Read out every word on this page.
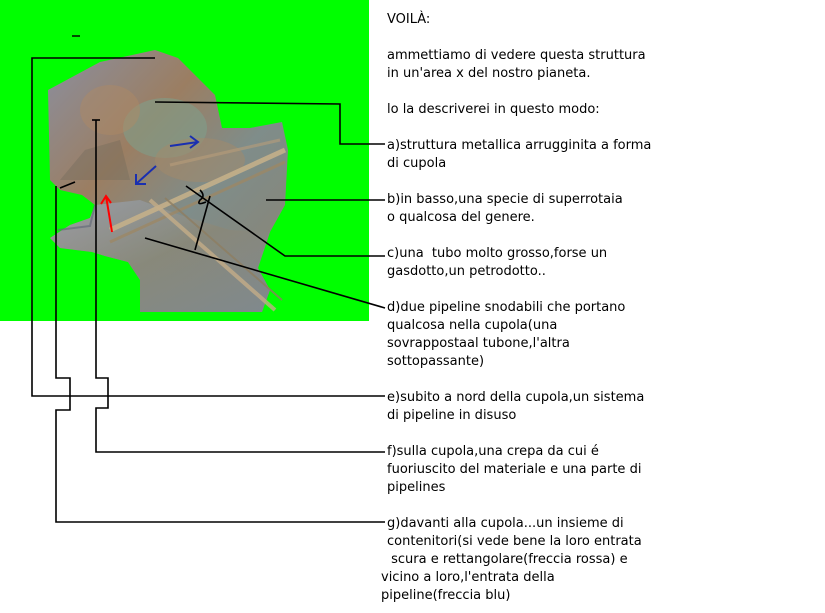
VOILÀ:
ammettiamo di vedere questa struttura
in un'area x del nostro pianeta.
lo la descriverei in questo modo:
a)struttura metallica arrugginita a forma
di cupola
b)in basso,una specie di superrotaia
o qualcosa del genere.
c)una  tubo molto grosso,forse un
gasdotto,un petrodotto..
d)due pipeline snodabili che portano
qualcosa nella cupola(una
sovrappostaal tubone,l'altra
sottopassante)
e)subito a nord della cupola,un sistema
di pipeline in disuso
f)sulla cupola,una crepa da cui é
fuoriuscito del materiale e una parte di
pipelines
g)davanti alla cupola...un insieme di
contenitori(si vede bene la loro entrata
scura e rettangolare(freccia rossa) e
vicino a loro,l'entrata della
pipeline(freccia blu)
